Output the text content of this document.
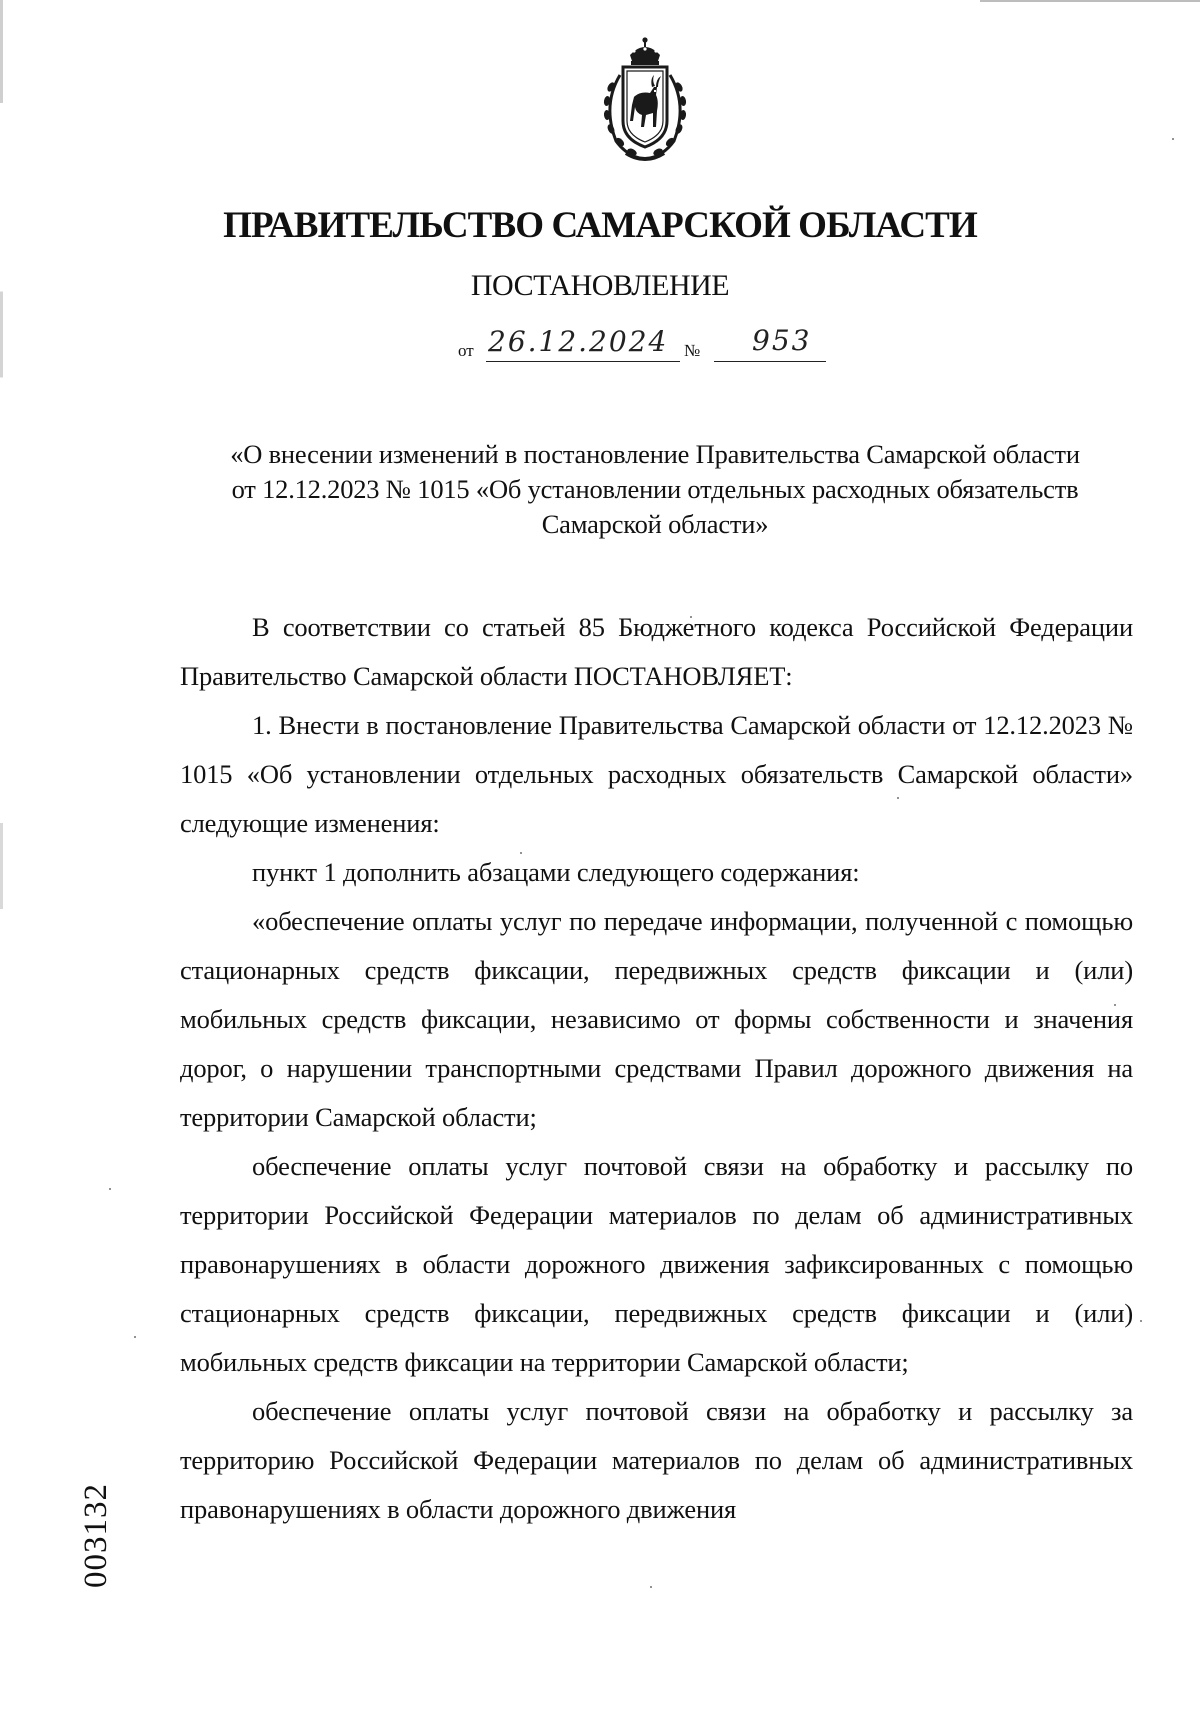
ПРАВИТЕЛЬСТВО САМАРСКОЙ ОБЛАСТИ
ПОСТАНОВЛЕНИЕ
от 26.12.2024 № 953
«О внесении изменений в постановление Правительства Самарской области
от 12.12.2023 № 1015 «Об установлении отдельных расходных обязательств
Самарской области»

В соответствии со статьей 85 Бюджетного кодекса Российской Федерации Правительство Самарской области ПОСТАНОВЛЯЕТ:

1. Внести в постановление Правительства Самарской области от 12.12.2023 № 1015 «Об установлении отдельных расходных обязательств Самарской области» следующие изменения:

пункт 1 дополнить абзацами следующего содержания:

«обеспечение оплаты услуг по передаче информации, полученной с помощью стационарных средств фиксации, передвижных средств фиксации и (или) мобильных средств фиксации, независимо от формы собственности и значения дорог, о нарушении транспортными средствами Правил дорожного движения на территории Самарской области;

обеспечение оплаты услуг почтовой связи на обработку и рассылку по территории Российской Федерации материалов по делам об административных правонарушениях в области дорожного движения зафиксированных с помощью стационарных средств фиксации, передвижных средств фиксации и (или) мобильных средств фиксации на территории Самарской области;

обеспечение оплаты услуг почтовой связи на обработку и рассылку за территорию Российской Федерации материалов по делам об административных правонарушениях в области дорожного движения

003132
